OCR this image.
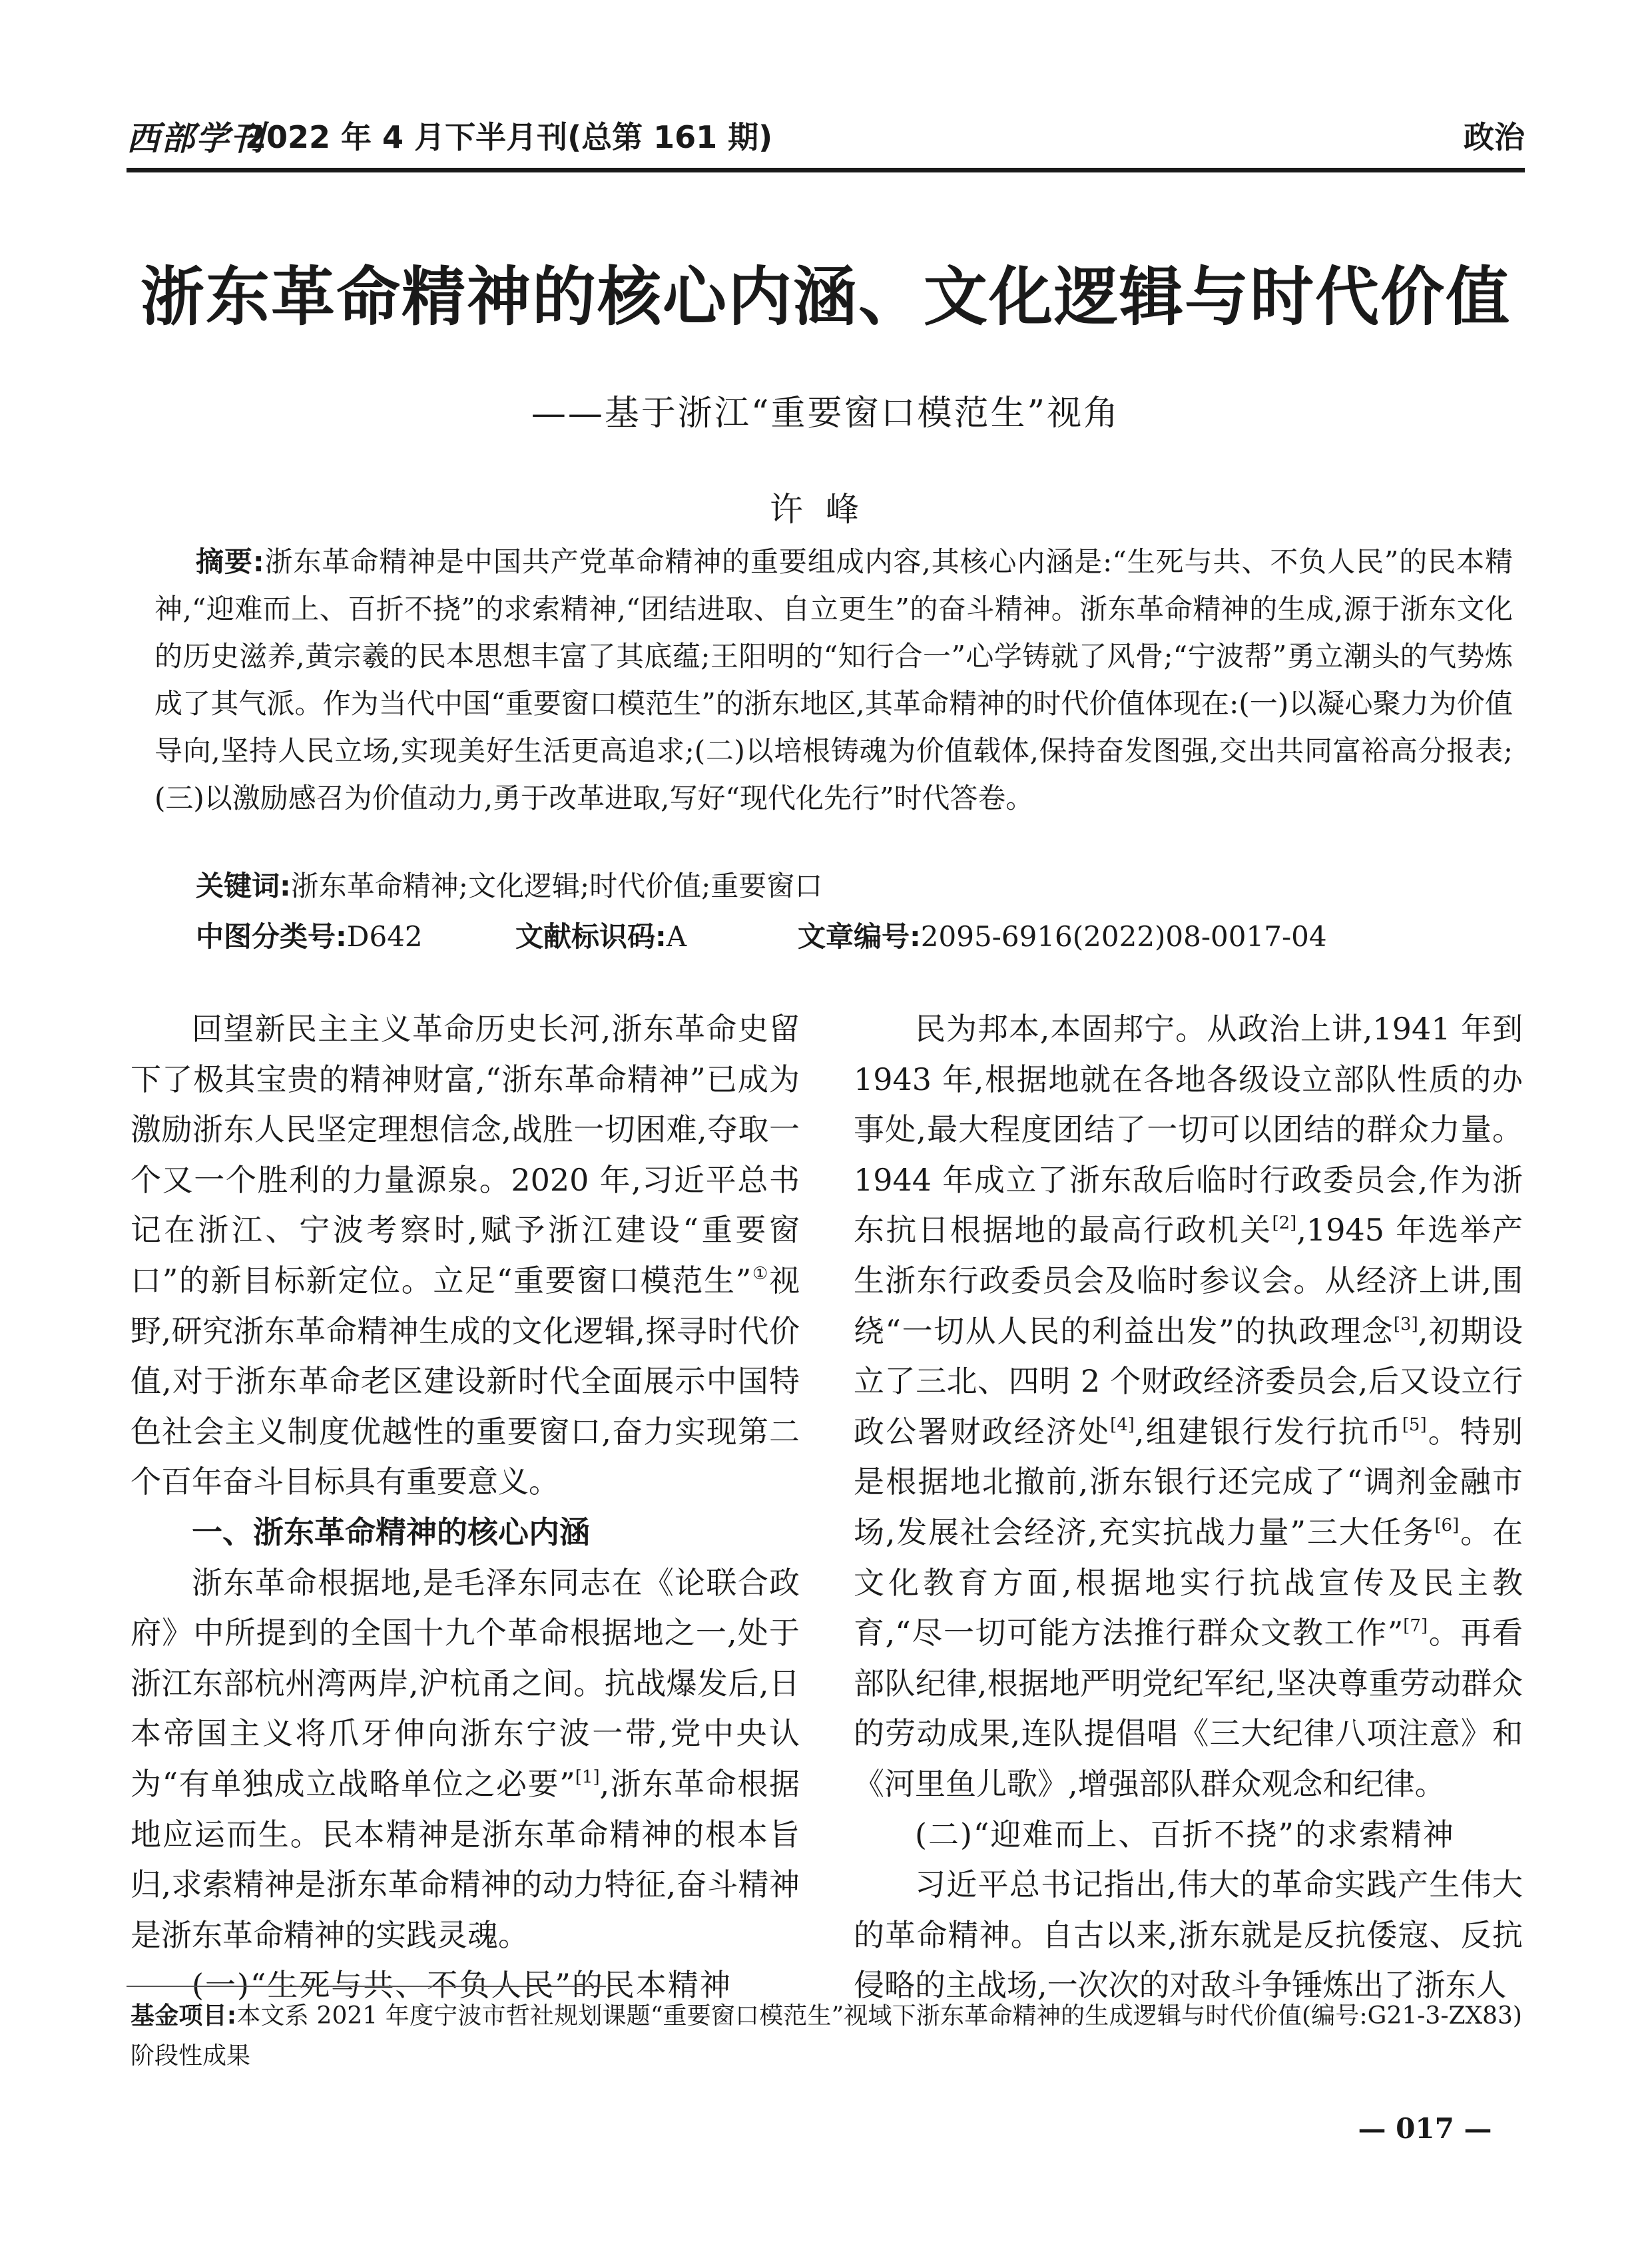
西部学刊
2022 年 4 月下半月刊(总第 161 期)	政治
浙东革命精神的核心内涵、文化逻辑与时代价值
——基于浙江“重要窗口模范生”视角
许峰
摘要:浙东革命精神是中国共产党革命精神的重要组成内容,其核心内涵是:“生死与共、不负人民”的民本精神,“迎难而上、百折不挠”的求索精神,“团结进取、自立更生”的奋斗精神。浙东革命精神的生成,源于浙东文化的历史滋养,黄宗羲的民本思想丰富了其底蕴;王阳明的“知行合一”心学铸就了风骨;“宁波帮”勇立潮头的气势炼成了其气派。作为当代中国“重要窗口模范生”的浙东地区,其革命精神的时代价值体现在:(一)以凝心聚力为价值导向,坚持人民立场,实现美好生活更高追求;(二)以培根铸魂为价值载体,保持奋发图强,交出共同富裕高分报表;(三)以激励感召为价值动力,勇于改革进取,写好“现代化先行”时代答卷。
关键词:浙东革命精神;文化逻辑;时代价值;重要窗口
中图分类号:D642	文献标识码:A	文章编号:2095-6916(2022)08-0017-04

回望新民主主义革命历史长河,浙东革命史留下了极其宝贵的精神财富,“浙东革命精神”已成为激励浙东人民坚定理想信念,战胜一切困难,夺取一个又一个胜利的力量源泉。2020 年,习近平总书记在浙江、宁波考察时,赋予浙江建设“重要窗口”的新目标新定位。立足“重要窗口模范生”①视野,研究浙东革命精神生成的文化逻辑,探寻时代价值,对于浙东革命老区建设新时代全面展示中国特色社会主义制度优越性的重要窗口,奋力实现第二个百年奋斗目标具有重要意义。

一、浙东革命精神的核心内涵

浙东革命根据地,是毛泽东同志在《论联合政府》中所提到的全国十九个革命根据地之一,处于浙江东部杭州湾两岸,沪杭甬之间。抗战爆发后,日本帝国主义将爪牙伸向浙东宁波一带,党中央认为“有单独成立战略单位之必要”[1],浙东革命根据地应运而生。民本精神是浙东革命精神的根本旨归,求索精神是浙东革命精神的动力特征,奋斗精神是浙东革命精神的实践灵魂。

(一)“生死与共、不负人民”的民本精神

民为邦本,本固邦宁。从政治上讲,1941 年到 1943 年,根据地就在各地各级设立部队性质的办事处,最大程度团结了一切可以团结的群众力量。1944 年成立了浙东敌后临时行政委员会,作为浙东抗日根据地的最高行政机关[2],1945 年选举产生浙东行政委员会及临时参议会。从经济上讲,围绕“一切从人民的利益出发”的执政理念[3],初期设立了三北、四明 2 个财政经济委员会,后又设立行政公署财政经济处[4],组建银行发行抗币[5]。特别是根据地北撤前,浙东银行还完成了“调剂金融市场,发展社会经济,充实抗战力量”三大任务[6]。在文化教育方面,根据地实行抗战宣传及民主教育,“尽一切可能方法推行群众文教工作”[7]。再看部队纪律,根据地严明党纪军纪,坚决尊重劳动群众的劳动成果,连队提倡唱《三大纪律八项注意》和《河里鱼儿歌》,增强部队群众观念和纪律。

(二)“迎难而上、百折不挠”的求索精神

习近平总书记指出,伟大的革命实践产生伟大的革命精神。自古以来,浙东就是反抗倭寇、反抗侵略的主战场,一次次的对敌斗争锤炼出了浙东人

基金项目:本文系 2021 年度宁波市哲社规划课题“重要窗口模范生”视域下浙东革命精神的生成逻辑与时代价值(编号:G21-3-ZX83)阶段性成果
— 017 —
